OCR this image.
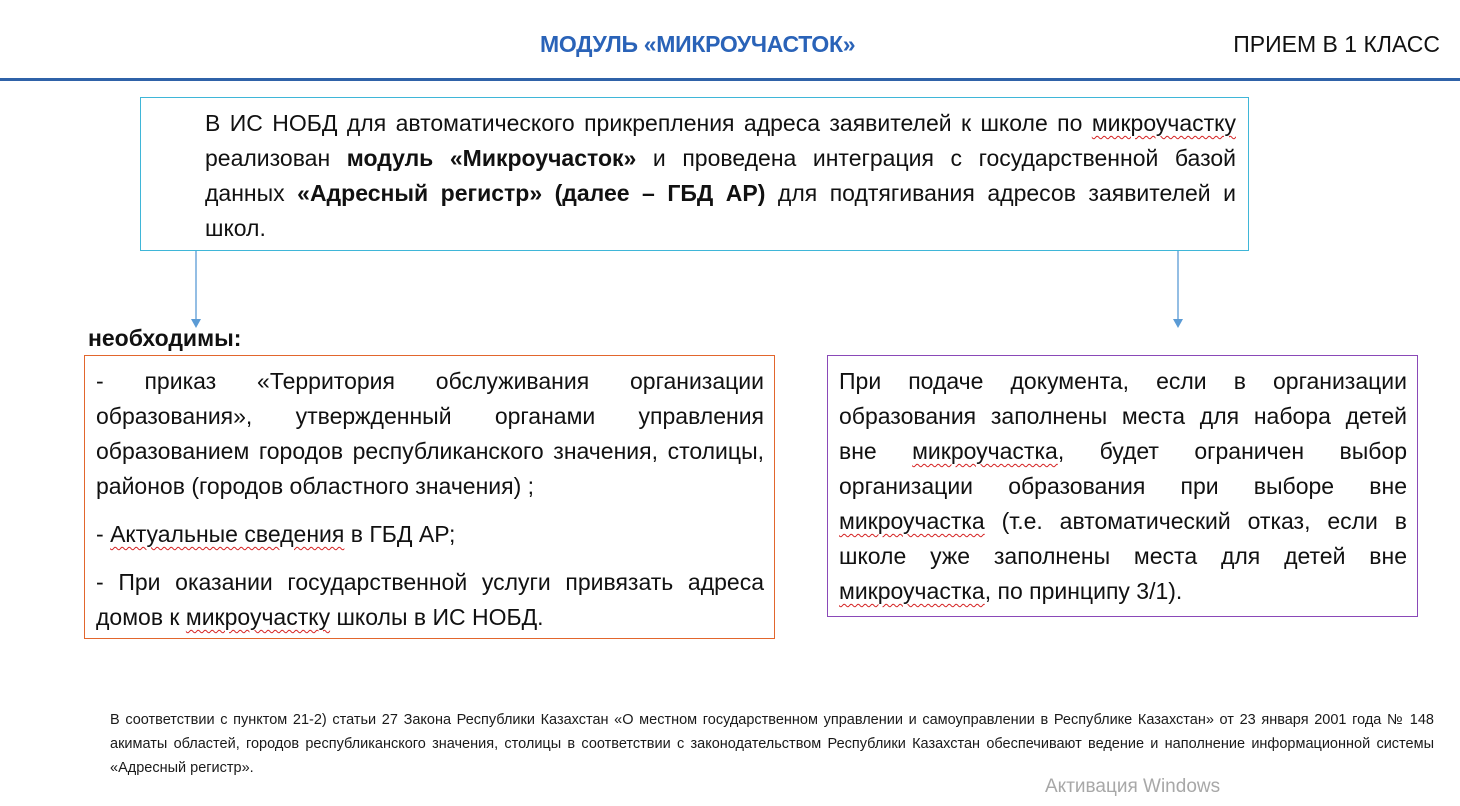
МОДУЛЬ «МИКРОУЧАСТОК»	ПРИЕМ В 1 КЛАСС
В ИС НОБД для автоматического прикрепления адреса заявителей к школе по микроучастку реализован модуль «Микроучасток» и проведена интеграция с государственной базой данных «Адресный регистр» (далее – ГБД АР) для подтягивания адресов заявителей и школ.
необходимы:

- приказ «Территория обслуживания организации образования», утвержденный органами управления образованием городов республиканского значения, столицы, районов (городов областного значения) ;

- Актуальные сведения в ГБД АР;

- При оказании государственной услуги привязать адреса домов к микроучастку школы в ИС НОБД.

При подаче документа, если в организации образования заполнены места для набора детей вне микроучастка, будет ограничен выбор организации образования при выборе вне микроучастка (т.е. автоматический отказ, если в школе уже заполнены места для детей вне микроучастка, по принципу 3/1).
В соответствии с пунктом 21-2) статьи 27 Закона Республики Казахстан «О местном государственном управлении и самоуправлении в Республике Казахстан» от 23 января 2001 года № 148 акиматы областей, городов республиканского значения, столицы в соответствии с законодательством Республики Казахстан обеспечивают ведение и наполнение информационной системы «Адресный регистр».
Активация Windows
